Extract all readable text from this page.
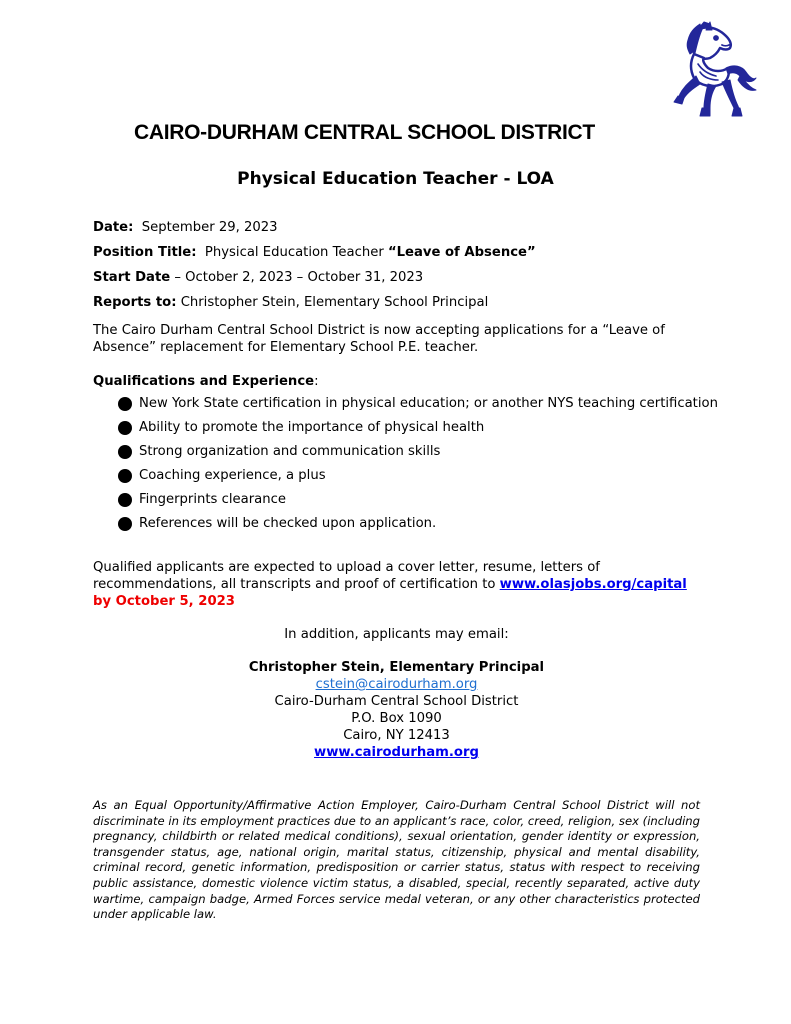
CAIRO-DURHAM CENTRAL SCHOOL DISTRICT
Physical Education Teacher - LOA
Date: September 29, 2023
Position Title: Physical Education Teacher “Leave of Absence”
Start Date – October 2, 2023 – October 31, 2023
Reports to: Christopher Stein, Elementary School Principal
The Cairo Durham Central School District is now accepting applications for a “Leave of Absence” replacement for Elementary School P.E. teacher.
Qualifications and Experience:
New York State certification in physical education; or another NYS teaching certification
Ability to promote the importance of physical health
Strong organization and communication skills
Coaching experience, a plus
Fingerprints clearance
References will be checked upon application.
Qualified applicants are expected to upload a cover letter, resume, letters of recommendations, all transcripts and proof of certification to www.olasjobs.org/capital by October 5, 2023
In addition, applicants may email:
Christopher Stein, Elementary Principal
cstein@cairodurham.org
Cairo-Durham Central School District
P.O. Box 1090
Cairo, NY 12413
www.cairodurham.org
As an Equal Opportunity/Affirmative Action Employer, Cairo-Durham Central School District will not discriminate in its employment practices due to an applicant’s race, color, creed, religion, sex (including pregnancy, childbirth or related medical conditions), sexual orientation, gender identity or expression, transgender status, age, national origin, marital status, citizenship, physical and mental disability, criminal record, genetic information, predisposition or carrier status, status with respect to receiving public assistance, domestic violence victim status, a disabled, special, recently separated, active duty wartime, campaign badge, Armed Forces service medal veteran, or any other characteristics protected under applicable law.
